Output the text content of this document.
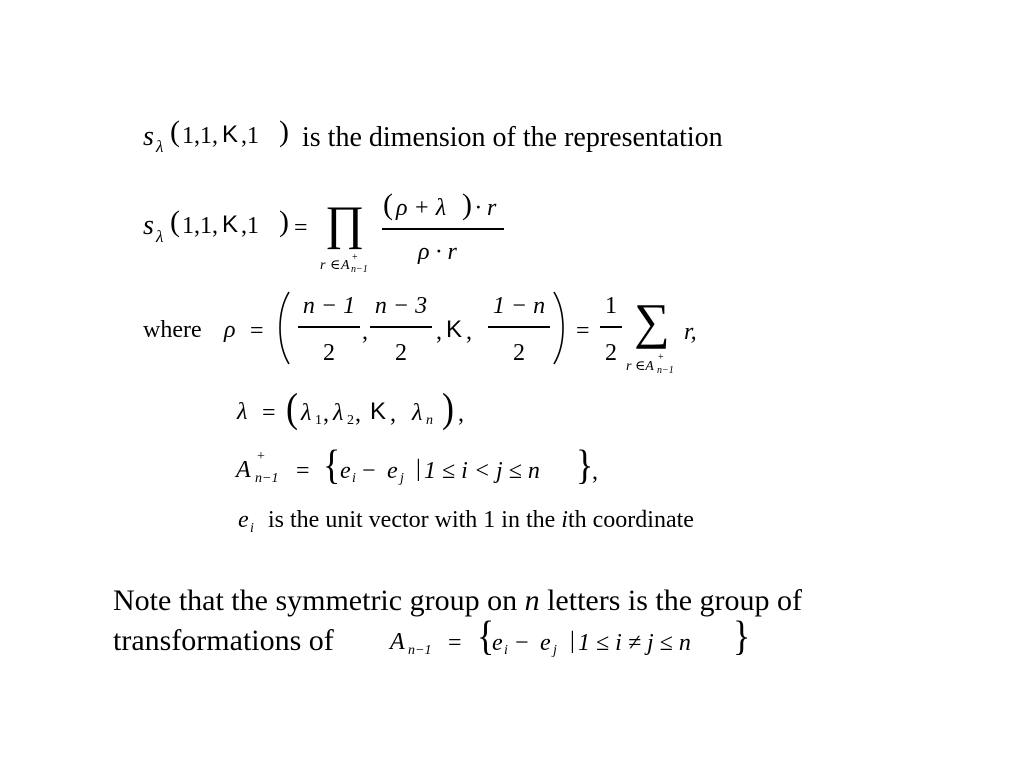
s λ ( 1,1, K ,1 ) is the dimension of the representation
s λ ( 1,1, K ,1 ) = ∏
r ∈ A
+
n−1
( ρ + λ ) · r
ρ · r
where ρ =
n − 1
2
,
n − 3
2
, K ,
1 − n
2
=
1
2
∑
r ∈A
+
n−1
r,
λ = ( λ 1 , λ 2 , K , λ n ) ,
A
+
n−1 = { e i − e j | 1 ≤ i < j ≤ n }
,
e i is the unit vector with 1 in the ith coordinate
Note that the symmetric group on n letters is the group of
transformations of A n−1 = {
e i − e j | 1 ≤ i ≠ j ≤ n }
